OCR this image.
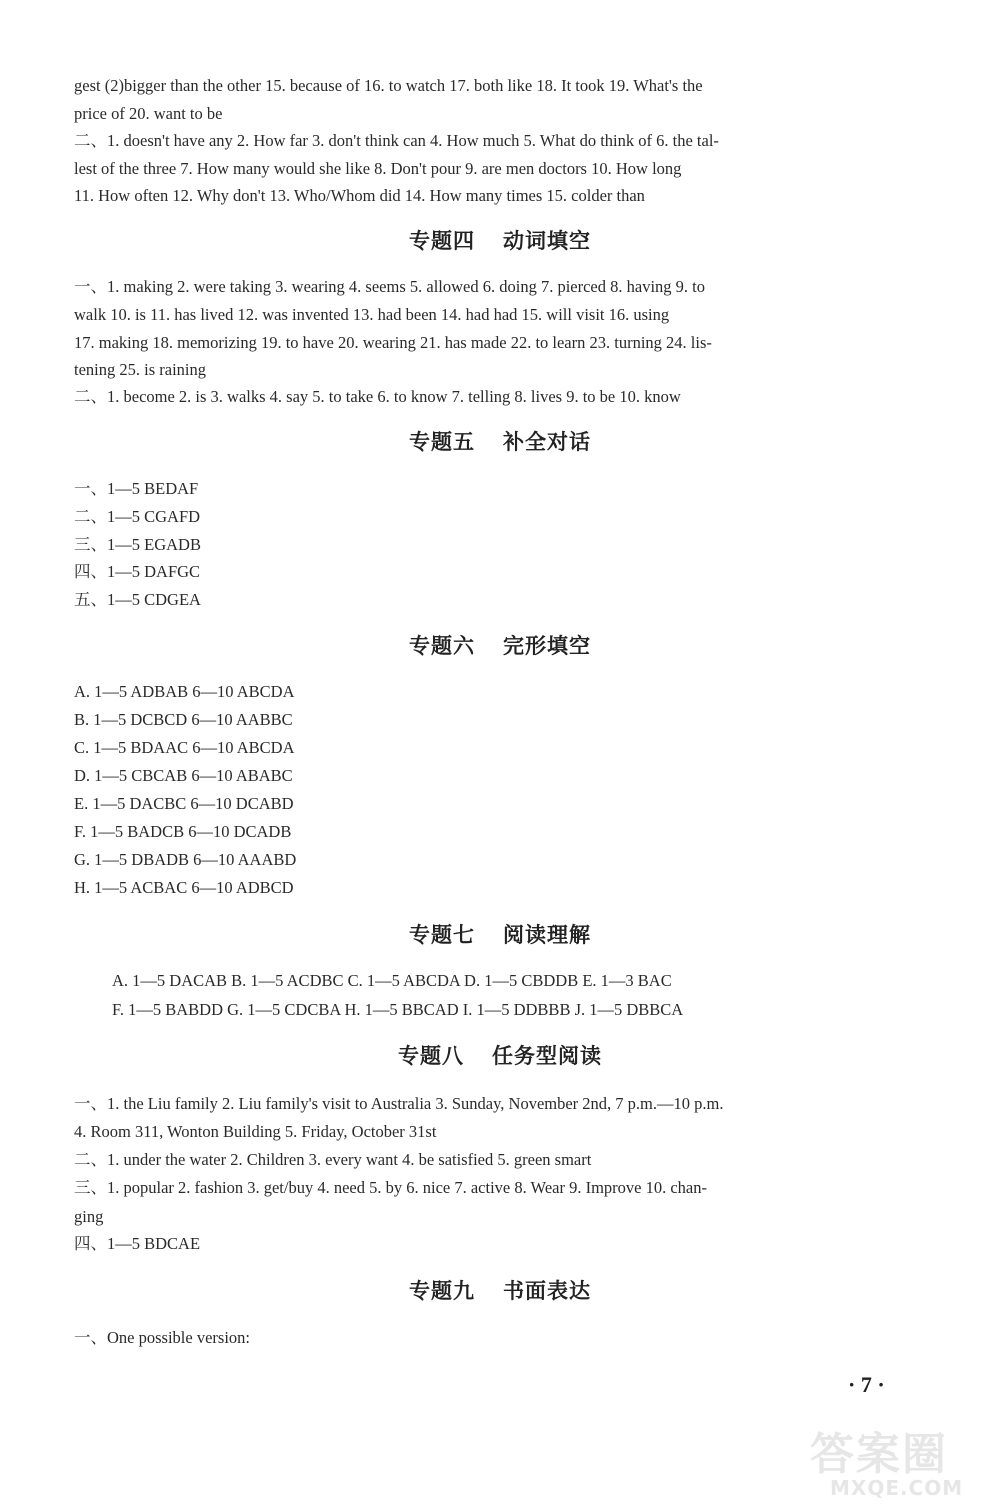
gest (2)bigger than the other 15. because of 16. to watch 17. both like 18. It took 19. What's the
price of 20. want to be
二、1. doesn't have any 2. How far 3. don't think can 4. How much 5. What do think of 6. the tal-
lest of the three 7. How many would she like 8. Don't pour 9. are men doctors 10. How long
11. How often 12. Why don't 13. Who/Whom did 14. How many times 15. colder than
专题四 动词填空
一、1. making 2. were taking 3. wearing 4. seems 5. allowed 6. doing 7. pierced 8. having 9. to
walk 10. is 11. has lived 12. was invented 13. had been 14. had had 15. will visit 16. using
17. making 18. memorizing 19. to have 20. wearing 21. has made 22. to learn 23. turning 24. lis-
tening 25. is raining
二、1. become 2. is 3. walks 4. say 5. to take 6. to know 7. telling 8. lives 9. to be 10. know
专题五 补全对话
一、1—5 BEDAF
二、1—5 CGAFD
三、1—5 EGADB
四、1—5 DAFGC
五、1—5 CDGEA
专题六 完形填空
A. 1—5 ADBAB 6—10 ABCDA
B. 1—5 DCBCD 6—10 AABBC
C. 1—5 BDAAC 6—10 ABCDA
D. 1—5 CBCAB 6—10 ABABC
E. 1—5 DACBC 6—10 DCABD
F. 1—5 BADCB 6—10 DCADB
G. 1—5 DBADB 6—10 AAABD
H. 1—5 ACBAC 6—10 ADBCD
专题七 阅读理解
A. 1—5 DACAB B. 1—5 ACDBC C. 1—5 ABCDA D. 1—5 CBDDB E. 1—3 BAC
F. 1—5 BABDD G. 1—5 CDCBA H. 1—5 BBCAD I. 1—5 DDBBB J. 1—5 DBBCA
专题八 任务型阅读
一、1. the Liu family 2. Liu family's visit to Australia 3. Sunday, November 2nd, 7 p.m.—10 p.m.
4. Room 311, Wonton Building 5. Friday, October 31st
二、1. under the water 2. Children 3. every want 4. be satisfied 5. green smart
三、1. popular 2. fashion 3. get/buy 4. need 5. by 6. nice 7. active 8. Wear 9. Improve 10. chan-
ging
四、1—5 BDCAE
专题九 书面表达
一、One possible version:
· 7 ·
答案圈
MXQE.COM
